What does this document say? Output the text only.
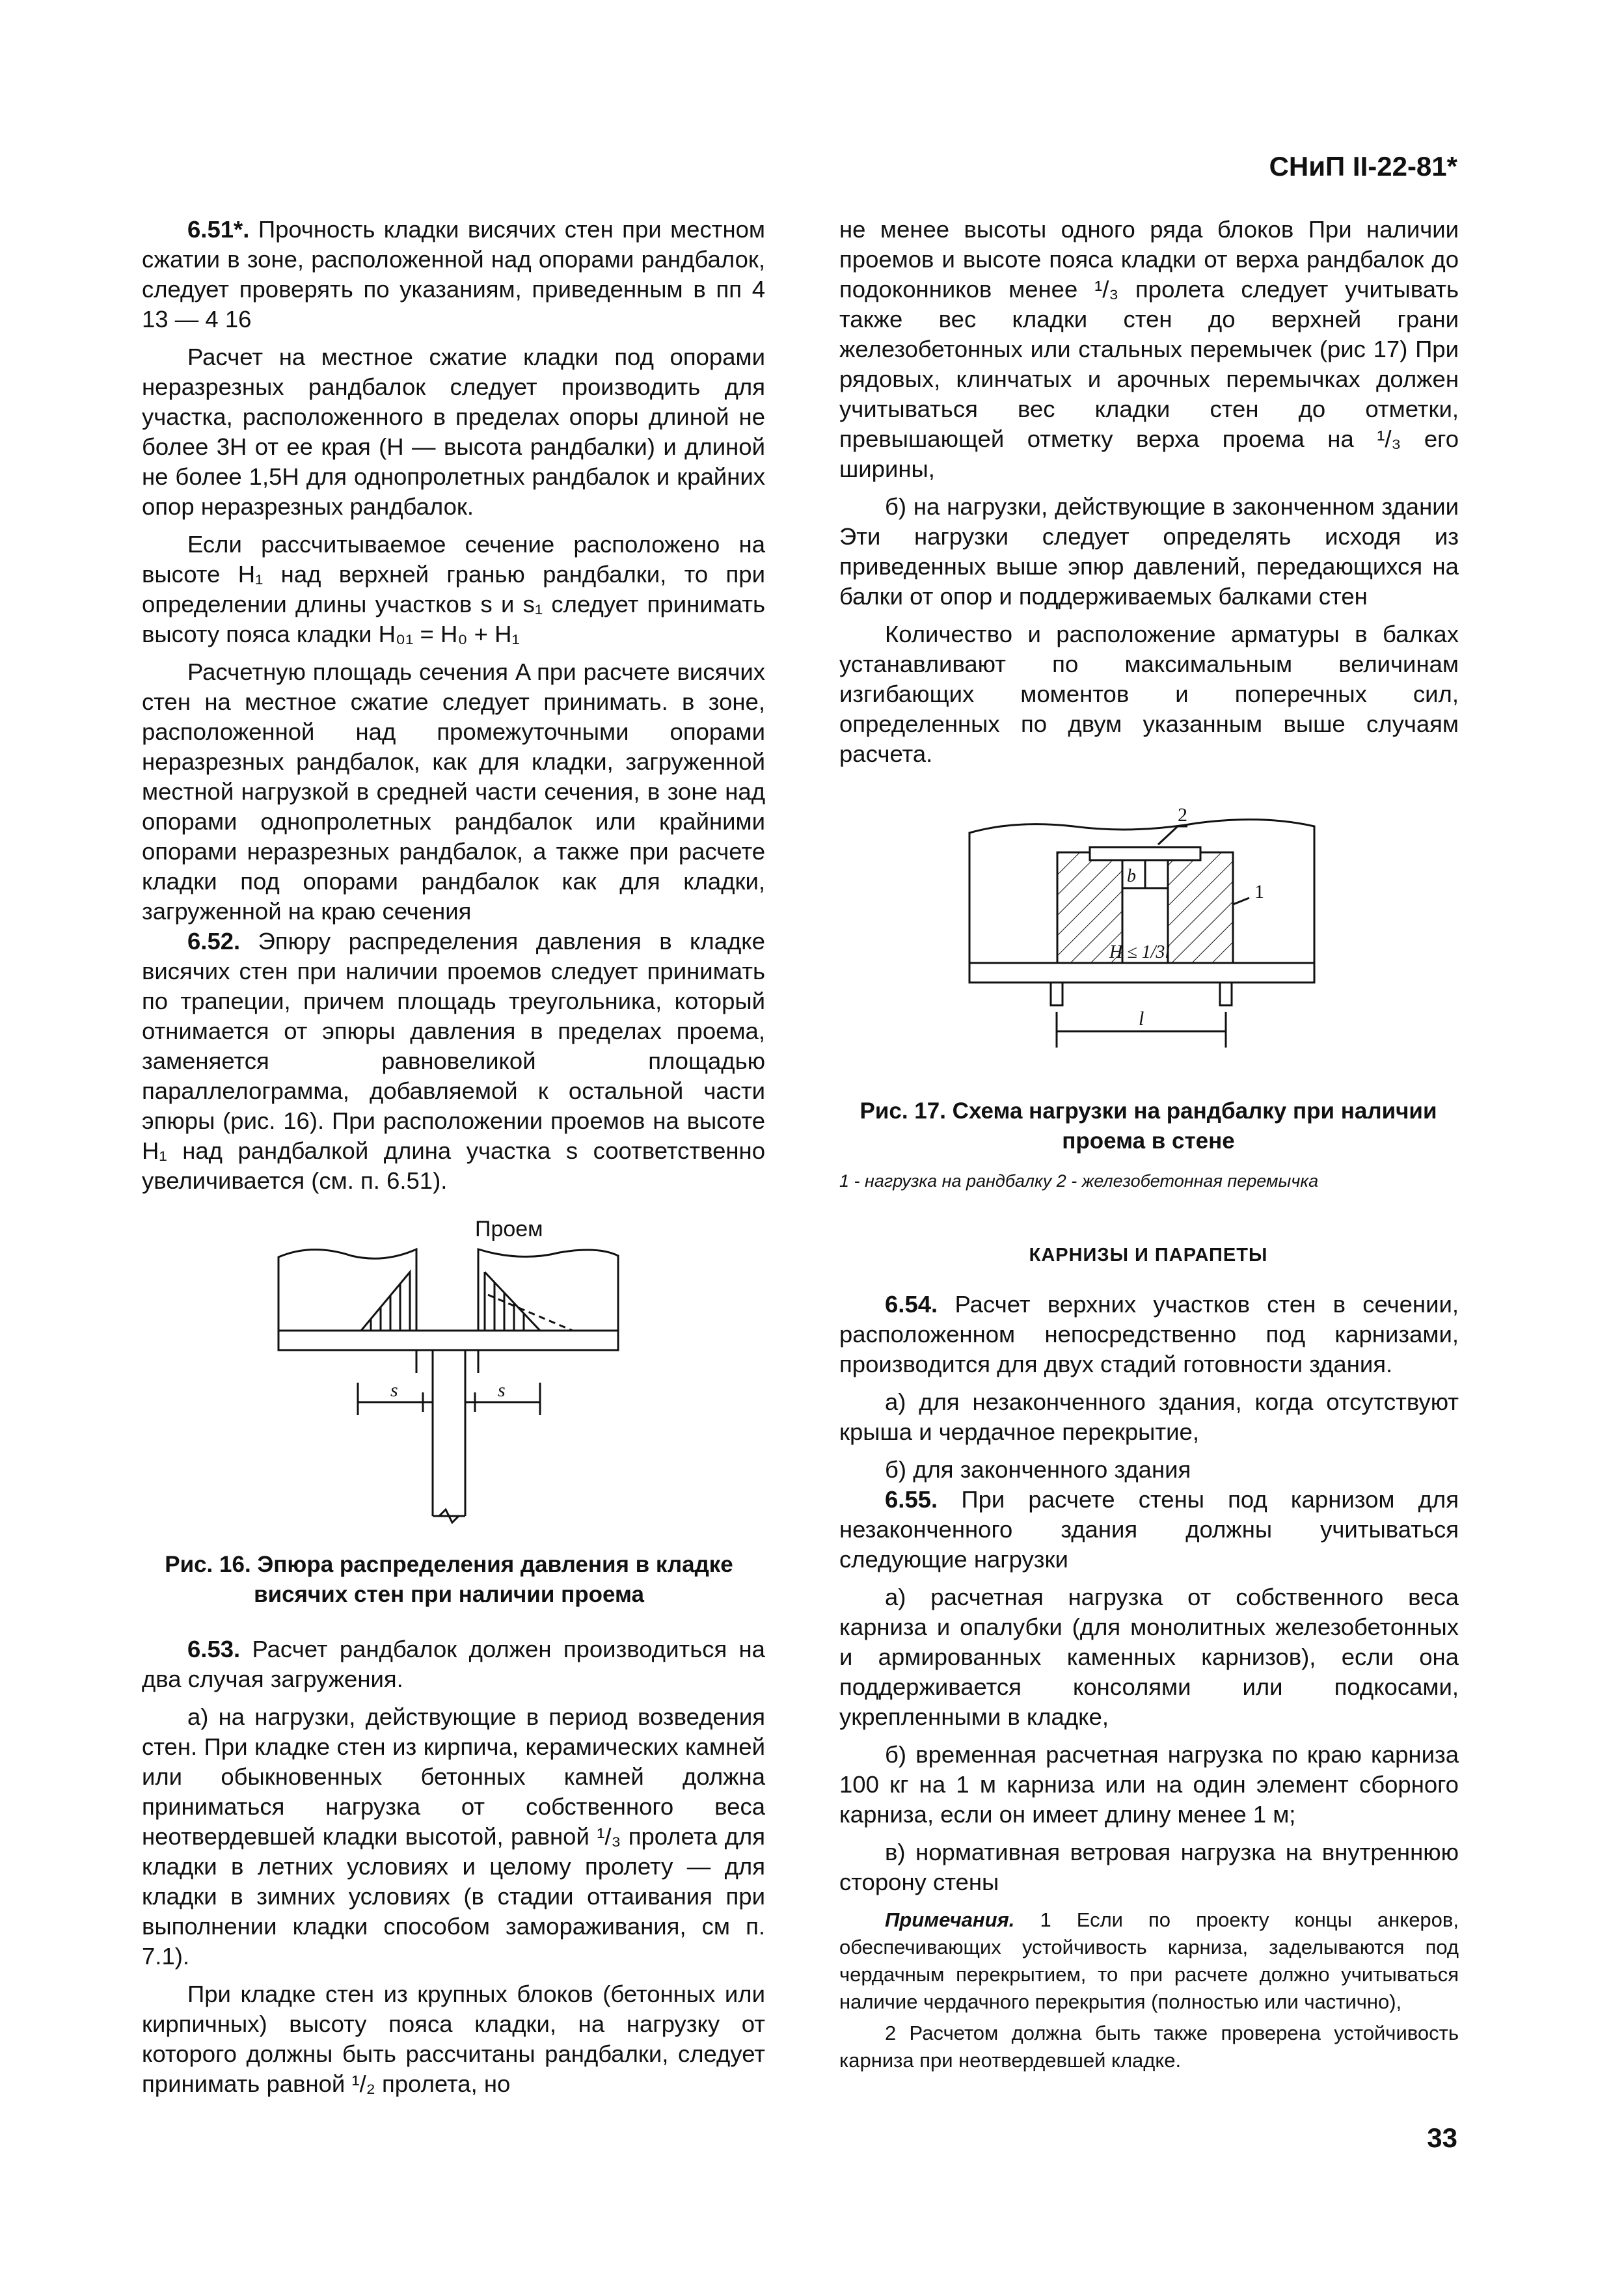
СНиП II-22-81*

6.51*. Прочность кладки висячих стен при местном сжатии в зоне, расположенной над опорами рандбалок, следует проверять по указаниям, приведенным в пп 4 13 — 4 16

Расчет на местное сжатие кладки под опорами неразрезных рандбалок следует производить для участка, расположенного в пределах опоры длиной не более 3H от ее края (H — высота рандбалки) и длиной не более 1,5H для однопролетных рандбалок и крайних опор неразрезных рандбалок.

Если рассчитываемое сечение расположено на высоте H₁ над верхней гранью рандбалки, то при определении длины участков s и s₁ следует принимать высоту пояса кладки H₀₁ = H₀ + H₁

Расчетную площадь сечения A при расчете висячих стен на местное сжатие следует принимать. в зоне, расположенной над промежуточными опорами неразрезных рандбалок, как для кладки, загруженной местной нагрузкой в средней части сечения, в зоне над опорами однопролетных рандбалок или крайними опорами неразрезных рандбалок, а также при расчете кладки под опорами рандбалок как для кладки, загруженной на краю сечения

6.52. Эпюру распределения давления в кладке висячих стен при наличии проемов следует принимать по трапеции, причем площадь треугольника, который отнимается от эпюры давления в пределах проема, заменяется равновеликой площадью параллелограмма, добавляемой к остальной части эпюры (рис. 16). При расположении проемов на высоте H₁ над рандбалкой длина участка s соответственно увеличивается (см. п. 6.51).

Проем
s	s
Рис. 16. Эпюра распределения давления в кладке висячих стен при наличии проема

6.53. Расчет рандбалок должен производиться на два случая загружения.

а) на нагрузки, действующие в период возведения стен. При кладке стен из кирпича, керамических камней или обыкновенных бетонных камней должна приниматься нагрузка от собственного веса неотвердевшей кладки высотой, равной ¹/₃ пролета для кладки в летних условиях и целому пролету — для кладки в зимних условиях (в стадии оттаивания при выполнении кладки способом замораживания, см п. 7.1).

При кладке стен из крупных блоков (бетонных или кирпичных) высоту пояса кладки, на нагрузку от которого должны быть рассчитаны рандбалки, следует принимать равной ¹/₂ пролета, но

не менее высоты одного ряда блоков При наличии проемов и высоте пояса кладки от верха рандбалок до подоконников менее ¹/₃ пролета следует учитывать также вес кладки стен до верхней грани железобетонных или стальных перемычек (рис 17) При рядовых, клинчатых и арочных перемычках должен учитываться вес кладки стен до отметки, превышающей отметку верха проема на ¹/₃ его ширины,

б) на нагрузки, действующие в законченном здании Эти нагрузки следует определять исходя из приведенных выше эпюр давлений, передающихся на балки от опор и поддерживаемых балками стен

Количество и расположение арматуры в балках устанавливают по максимальным величинам изгибающих моментов и поперечных сил, определенных по двум указанным выше случаям расчета.

2
1
b
H ≤ 1/3l
l
Рис. 17. Схема нагрузки на рандбалку при наличии проема в стене
1 - нагрузка на рандбалку 2 - железобетонная перемычка
КАРНИЗЫ И ПАРАПЕТЫ

6.54. Расчет верхних участков стен в сечении, расположенном непосредственно под карнизами, производится для двух стадий готовности здания.

а) для незаконченного здания, когда отсутствуют крыша и чердачное перекрытие,

б) для законченного здания

6.55. При расчете стены под карнизом для незаконченного здания должны учитываться следующие нагрузки

а) расчетная нагрузка от собственного веса карниза и опалубки (для монолитных железобетонных и армированных каменных карнизов), если она поддерживается консолями или подкосами, укрепленными в кладке,

б) временная расчетная нагрузка по краю карниза 100 кг на 1 м карниза или на один элемент сборного карниза, если он имеет длину менее 1 м;

в) нормативная ветровая нагрузка на внутреннюю сторону стены

Примечания. 1 Если по проекту концы анкеров, обеспечивающих устойчивость карниза, заделываются под чердачным перекрытием, то при расчете должно учитываться наличие чердачного перекрытия (полностью или частично),

2 Расчетом должна быть также проверена устойчивость карниза при неотвердевшей кладке.

33
